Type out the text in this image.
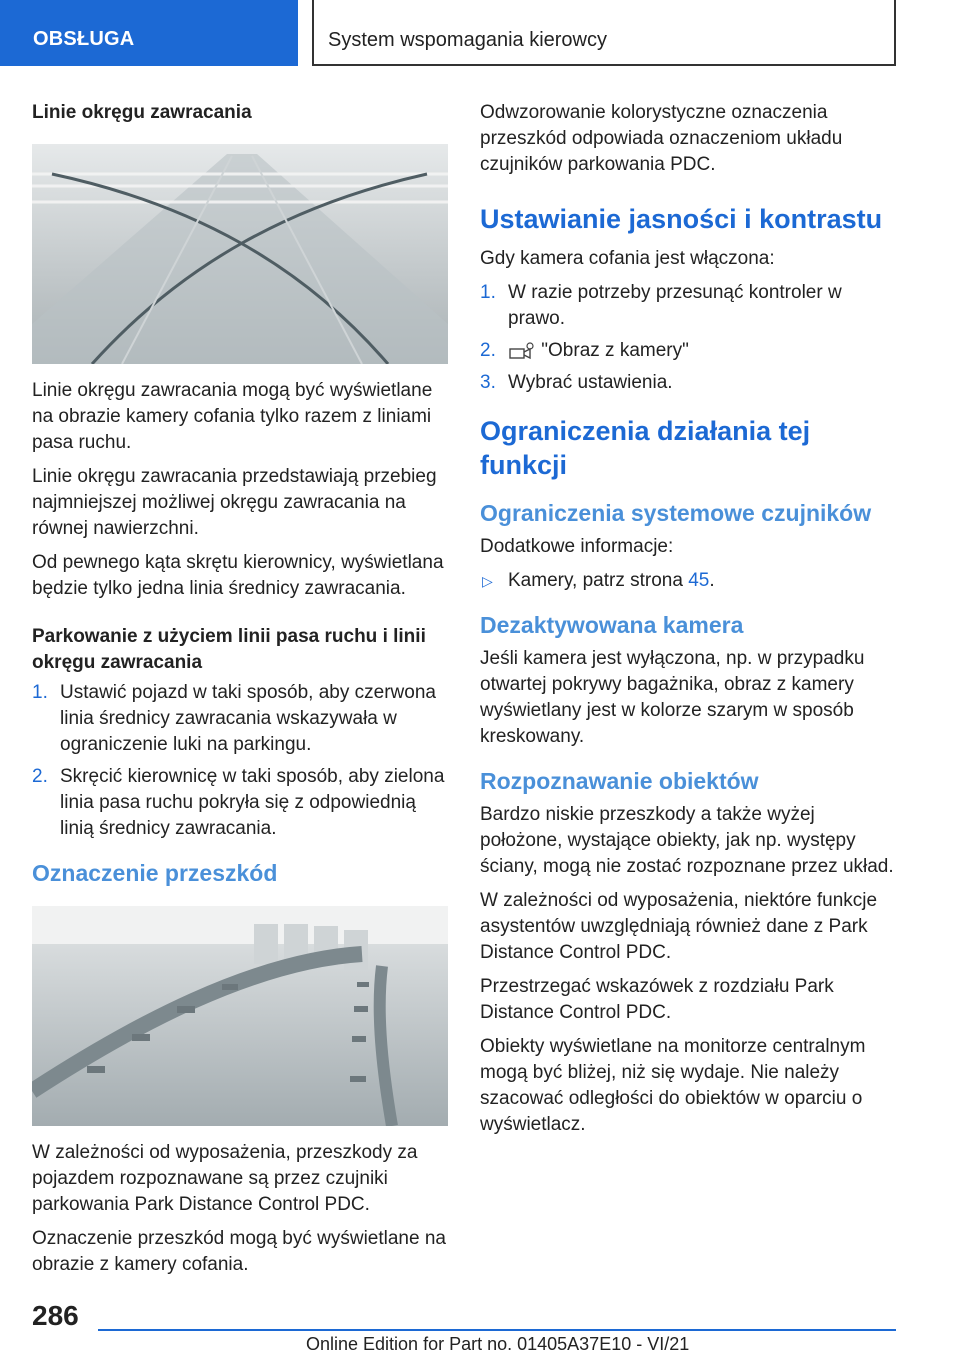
OBSŁUGA	System wspomagania kierowcy
Linie okręgu zawracania

Linie okręgu zawracania mogą być wyświetlane na obrazie kamery cofania tylko razem z liniami pasa ruchu.

Linie okręgu zawracania przedstawiają przebieg najmniejszej możliwej okręgu zawracania na równej nawierzchni.

Od pewnego kąta skrętu kierownicy, wyświetlana będzie tylko jedna linia średnicy zawracania.

Parkowanie z użyciem linii pasa ruchu i linii okręgu zawracania
1. Ustawić pojazd w taki sposób, aby czerwona linia średnicy zawracania wskazywała w ograniczenie luki na parkingu.
2. Skręcić kierownicę w taki sposób, aby zielona linia pasa ruchu pokryła się z odpowiednią linią średnicy zawracania.
Oznaczenie przeszkód

W zależności od wyposażenia, przeszkody za pojazdem rozpoznawane są przez czujniki parkowania Park Distance Control PDC.

Oznaczenie przeszkód mogą być wyświetlane na obrazie z kamery cofania.

Odwzorowanie kolorystyczne oznaczenia przeszkód odpowiada oznaczeniom układu czujników parkowania PDC.

Ustawianie jasności i kontrastu

Gdy kamera cofania jest włączona:

1. W razie potrzeby przesunąć kontroler w prawo.
2. "Obraz z kamery"
3. Wybrać ustawienia.
Ograniczenia działania tej funkcji
Ograniczenia systemowe czujników

Dodatkowe informacje:

▷ Kamery, patrz strona 45.
Dezaktywowana kamera

Jeśli kamera jest wyłączona, np. w przypadku otwartej pokrywy bagażnika, obraz z kamery wyświetlany jest w kolorze szarym w sposób kreskowany.

Rozpoznawanie obiektów

Bardzo niskie przeszkody a także wyżej położone, wystające obiekty, jak np. występy ściany, mogą nie zostać rozpoznane przez układ.

W zależności od wyposażenia, niektóre funkcje asystentów uwzględniają również dane z Park Distance Control PDC.

Przestrzegać wskazówek z rozdziału Park Distance Control PDC.

Obiekty wyświetlane na monitorze centralnym mogą być bliżej, niż się wydaje. Nie należy szacować odległości do obiektów w oparciu o wyświetlacz.

286
Online Edition for Part no. 01405A37E10 - VI/21
